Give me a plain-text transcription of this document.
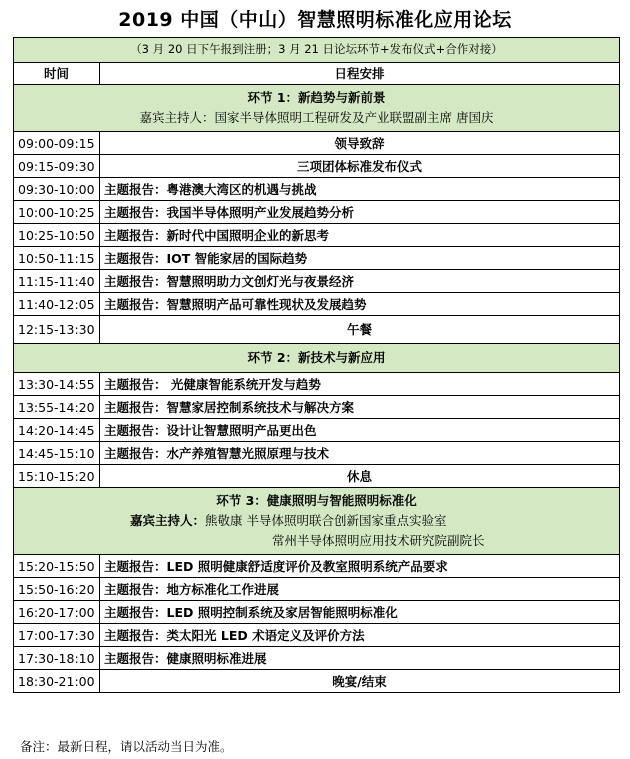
2019 中国（中山）智慧照明标准化应用论坛
（3 月 20 日下午报到注册；3 月 21 日论坛环节+发布仪式+合作对接）	
时间	日程安排

环节 1：新趋势与新前景
嘉宾主持人：国家半导体照明工程研发及产业联盟副主席 唐国庆	

09:00-09:15	领导致辞
09:15-09:30	三项团体标准发布仪式
09:30-10:00	主题报告：粤港澳大湾区的机遇与挑战
10:00-10:25	主题报告：我国半导体照明产业发展趋势分析
10:25-10:50	主题报告：新时代中国照明企业的新思考
10:50-11:15	主题报告：IOT 智能家居的国际趋势
11:15-11:40	主题报告：智慧照明助力文创灯光与夜景经济
11:40-12:05	主题报告：智慧照明产品可靠性现状及发展趋势
12:15-13:30	午餐

环节 2：新技术与新应用	

13:30-14:55	主题报告： 光健康智能系统开发与趋势
13:55-14:20	主题报告：智慧家居控制系统技术与解决方案
14:20-14:45	主题报告：设计让智慧照明产品更出色
14:45-15:10	主题报告：水产养殖智慧光照原理与技术
15:10-15:20	休息

环节 3：健康照明与智能照明标准化
嘉宾主持人：熊敬康 半导体照明联合创新国家重点实验室
常州半导体照明应用技术研究院副院长	

15:20-15:50	主题报告：LED 照明健康舒适度评价及教室照明系统产品要求
15:50-16:20	主题报告：地方标准化工作进展
16:20-17:00	主题报告：LED 照明控制系统及家居智能照明标准化
17:00-17:30	主题报告：类太阳光 LED 术语定义及评价方法
17:30-18:10	主题报告：健康照明标准进展
18:30-21:00	晚宴/结束
备注：最新日程，请以活动当日为准。
